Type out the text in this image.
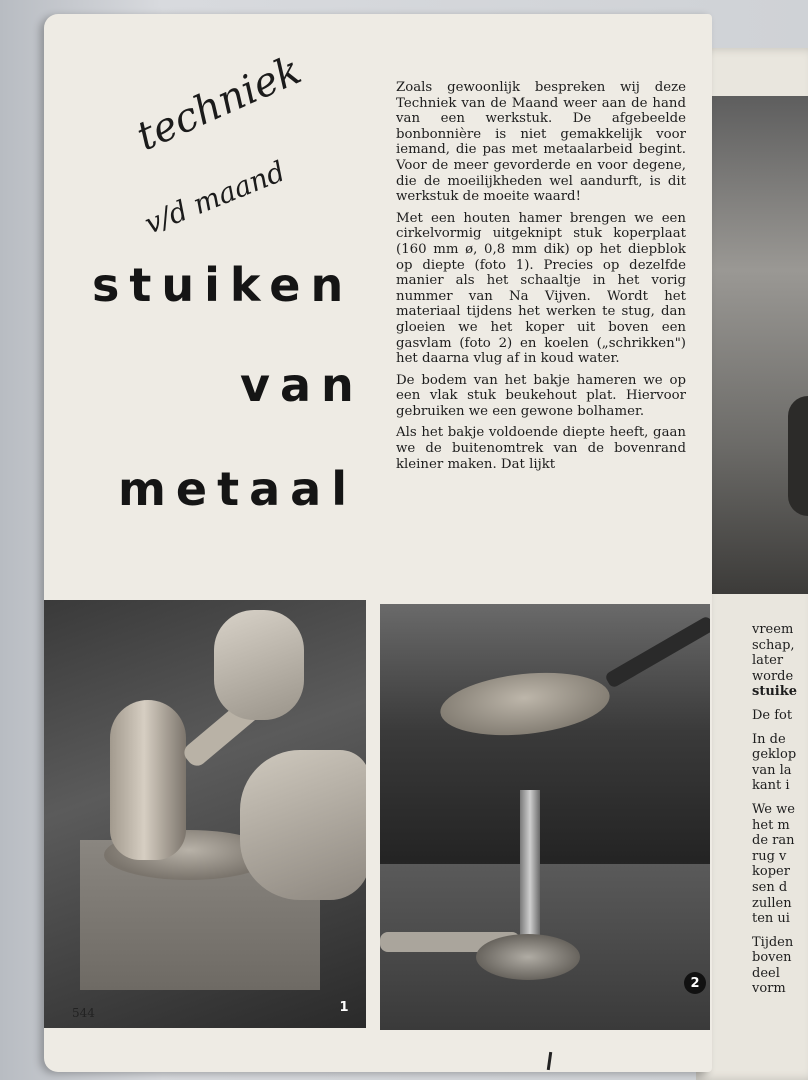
techniek
v/d maand
stuiken
van
metaal

Zoals gewoonlijk bespreken wij deze Techniek van de Maand weer aan de hand van een werkstuk. De afgebeelde bonbonnière is niet gemakkelijk voor iemand, die pas met metaalarbeid begint. Voor de meer gevorderde en voor degene, die de moeilijkheden wel aandurft, is dit werkstuk de moeite waard!

Met een houten hamer brengen we een cirkelvormig uitgeknipt stuk koperplaat (160 mm ø, 0,8 mm dik) op het diepblok op diepte (foto 1). Precies op dezelfde manier als het schaaltje in het vorig nummer van Na Vijven. Wordt het materiaal tijdens het werken te stug, dan gloeien we het koper uit boven een gasvlam (foto 2) en koelen („schrikken") het daarna vlug af in koud water.

De bodem van het bakje hameren we op een vlak stuk beukehout plat. Hiervoor gebruiken we een gewone bolhamer.

Als het bakje voldoende diepte heeft, gaan we de buitenomtrek van de bovenrand kleiner maken. Dat lijkt

1
2
544
vreem
schap,
later
worde
stuike
De fot
In de
geklop
van la
kant i
We we
het m
de ran
rug v
koper
sen d
zullen
ten ui
Tijden
boven
deel
vorm
